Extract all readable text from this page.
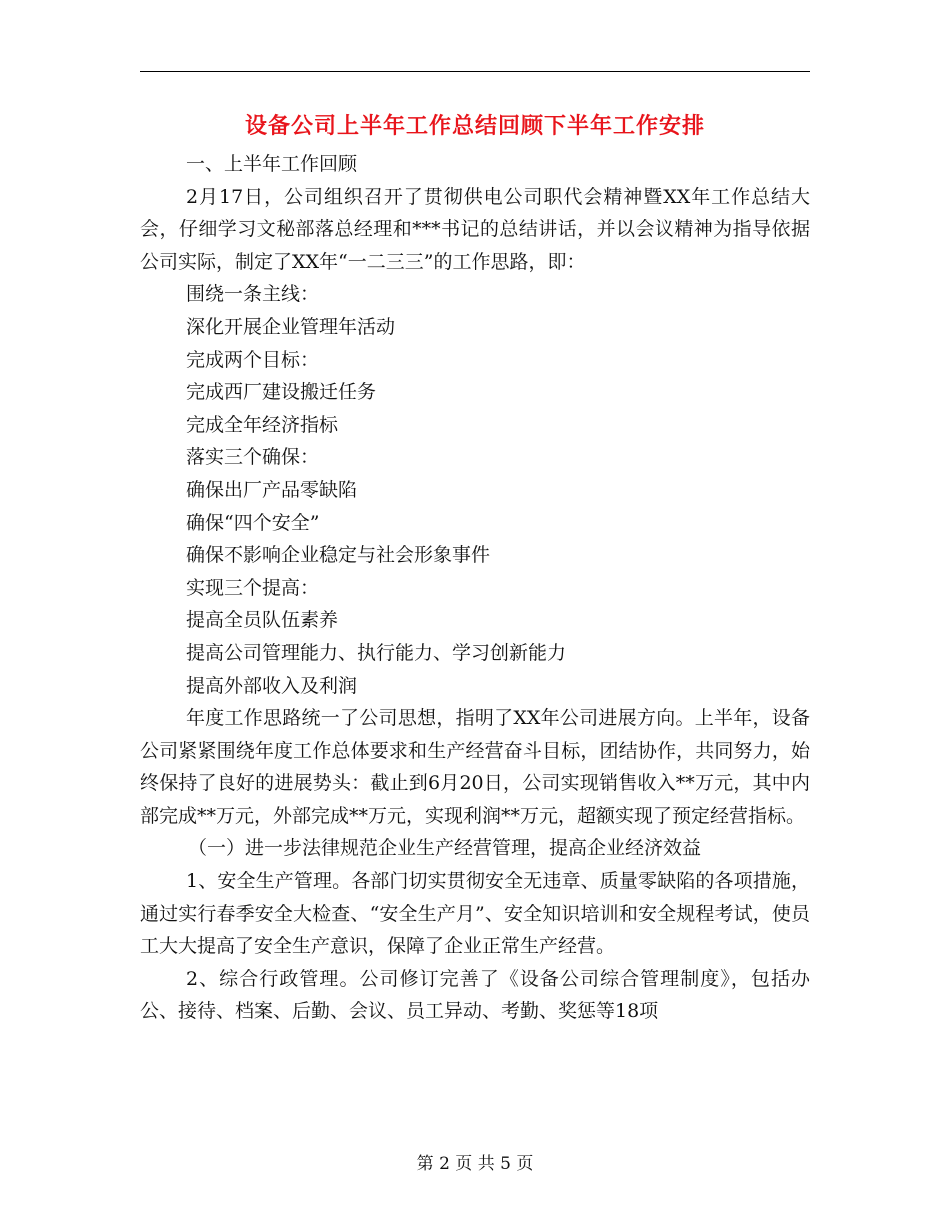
设备公司上半年工作总结回顾下半年工作安排

一、上半年工作回顾

2月17日，公司组织召开了贯彻供电公司职代会精神暨XX年工作总结大会，仔细学习文秘部落总经理和***书记的总结讲话，并以会议精神为指导依据公司实际，制定了XX年“一二三三”的工作思路，即：

围绕一条主线：

深化开展企业管理年活动

完成两个目标：

完成西厂建设搬迁任务

完成全年经济指标

落实三个确保：

确保出厂产品零缺陷

确保“四个安全”

确保不影响企业稳定与社会形象事件

实现三个提高：

提高全员队伍素养

提高公司管理能力、执行能力、学习创新能力

提高外部收入及利润

年度工作思路统一了公司思想，指明了XX年公司进展方向。上半年，设备公司紧紧围绕年度工作总体要求和生产经营奋斗目标，团结协作，共同努力，始终保持了良好的进展势头：截止到6月20日，公司实现销售收入**万元，其中内部完成**万元，外部完成**万元，实现利润**万元，超额实现了预定经营指标。

（一）进一步法律规范企业生产经营管理，提高企业经济效益

1、安全生产管理。各部门切实贯彻安全无违章、质量零缺陷的各项措施，通过实行春季安全大检查、“安全生产月”、安全知识培训和安全规程考试，使员工大大提高了安全生产意识，保障了企业正常生产经营。

2、综合行政管理。公司修订完善了《设备公司综合管理制度》，包括办公、接待、档案、后勤、会议、员工异动、考勤、奖惩等18项

第 2 页 共 5 页
